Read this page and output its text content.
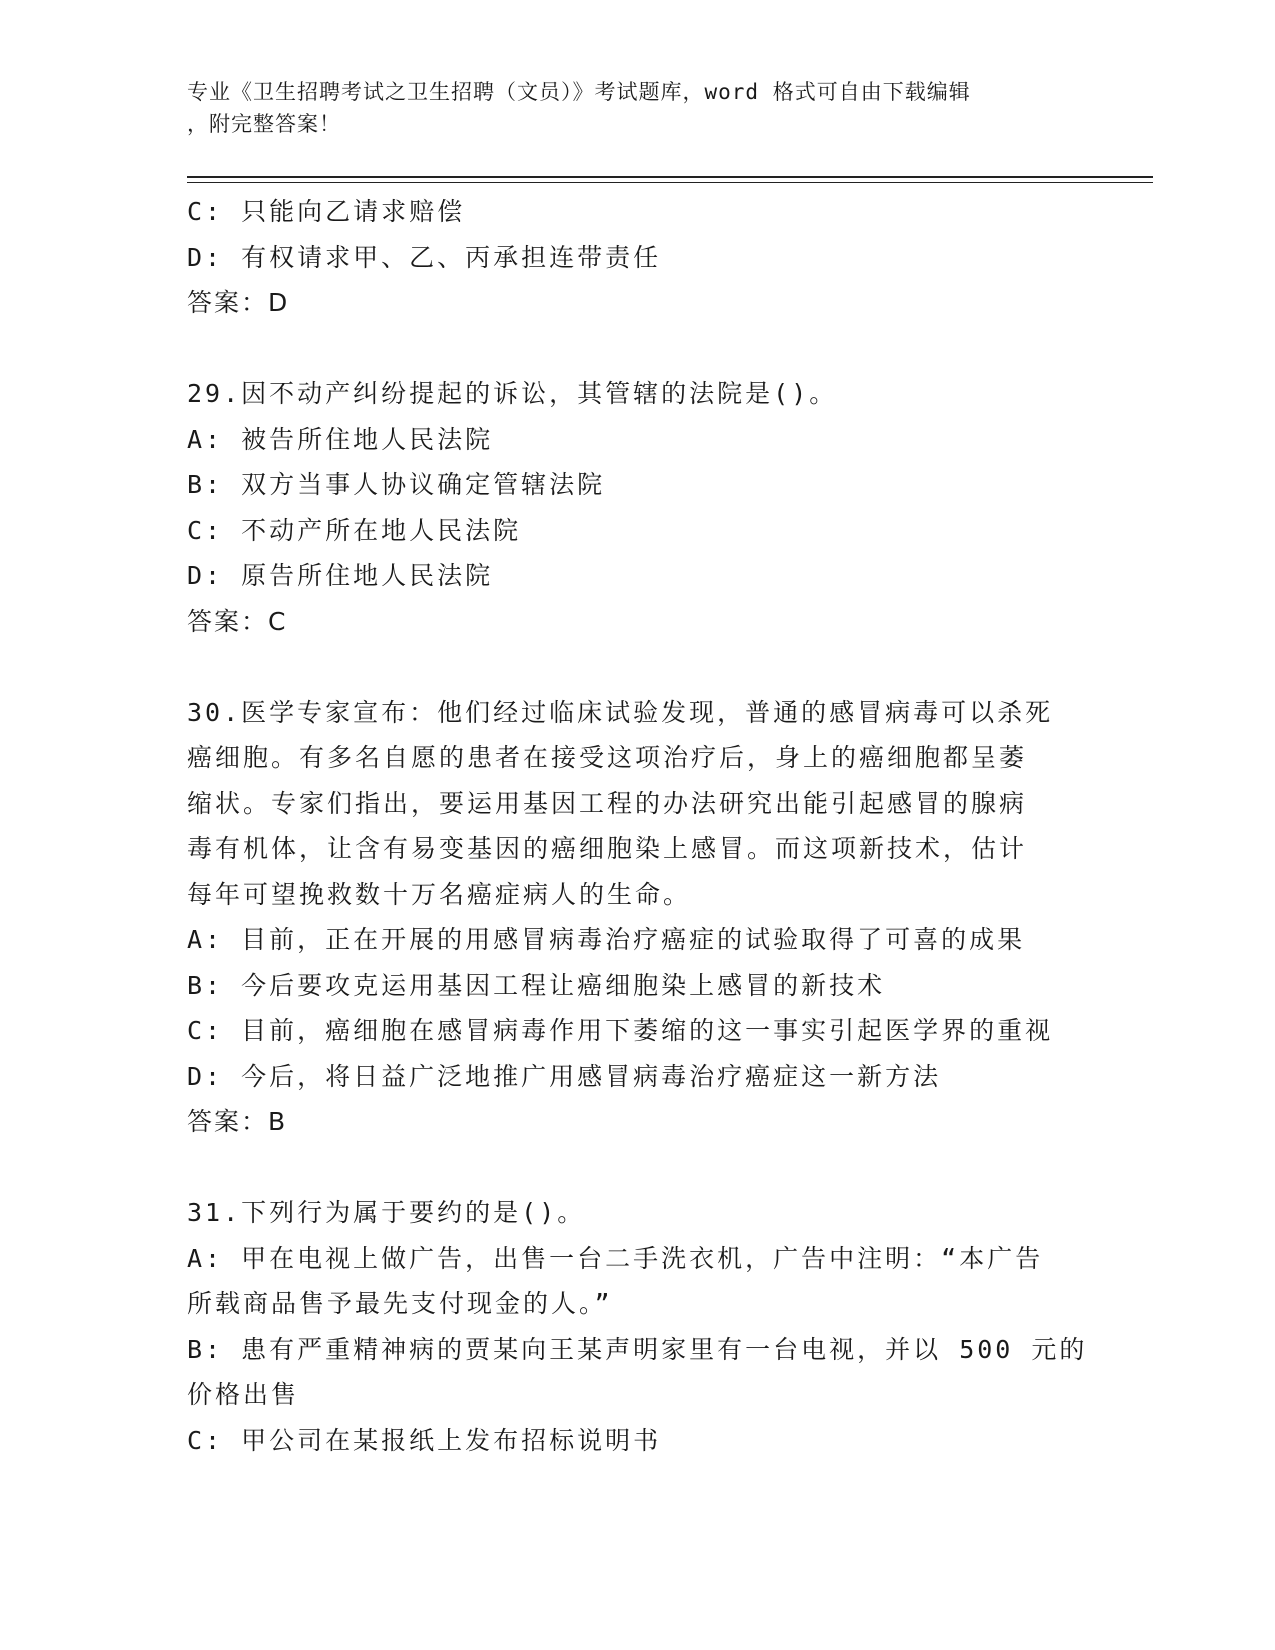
专业《卫生招聘考试之卫生招聘（文员）》考试题库，word 格式可自由下载编辑
，附完整答案！
C: 只能向乙请求赔偿
D: 有权请求甲、乙、丙承担连带责任
答案：D
29.因不动产纠纷提起的诉讼，其管辖的法院是()。
A: 被告所住地人民法院
B: 双方当事人协议确定管辖法院
C: 不动产所在地人民法院
D: 原告所住地人民法院
答案：C
30.医学专家宣布：他们经过临床试验发现，普通的感冒病毒可以杀死
癌细胞。有多名自愿的患者在接受这项治疗后，身上的癌细胞都呈萎
缩状。专家们指出，要运用基因工程的办法研究出能引起感冒的腺病
毒有机体，让含有易变基因的癌细胞染上感冒。而这项新技术，估计
每年可望挽救数十万名癌症病人的生命。
A: 目前，正在开展的用感冒病毒治疗癌症的试验取得了可喜的成果
B: 今后要攻克运用基因工程让癌细胞染上感冒的新技术
C: 目前，癌细胞在感冒病毒作用下萎缩的这一事实引起医学界的重视
D: 今后，将日益广泛地推广用感冒病毒治疗癌症这一新方法
答案：B
31.下列行为属于要约的是()。
A: 甲在电视上做广告，出售一台二手洗衣机，广告中注明：“本广告
所载商品售予最先支付现金的人。”
B: 患有严重精神病的贾某向王某声明家里有一台电视，并以 500 元的
价格出售
C: 甲公司在某报纸上发布招标说明书
